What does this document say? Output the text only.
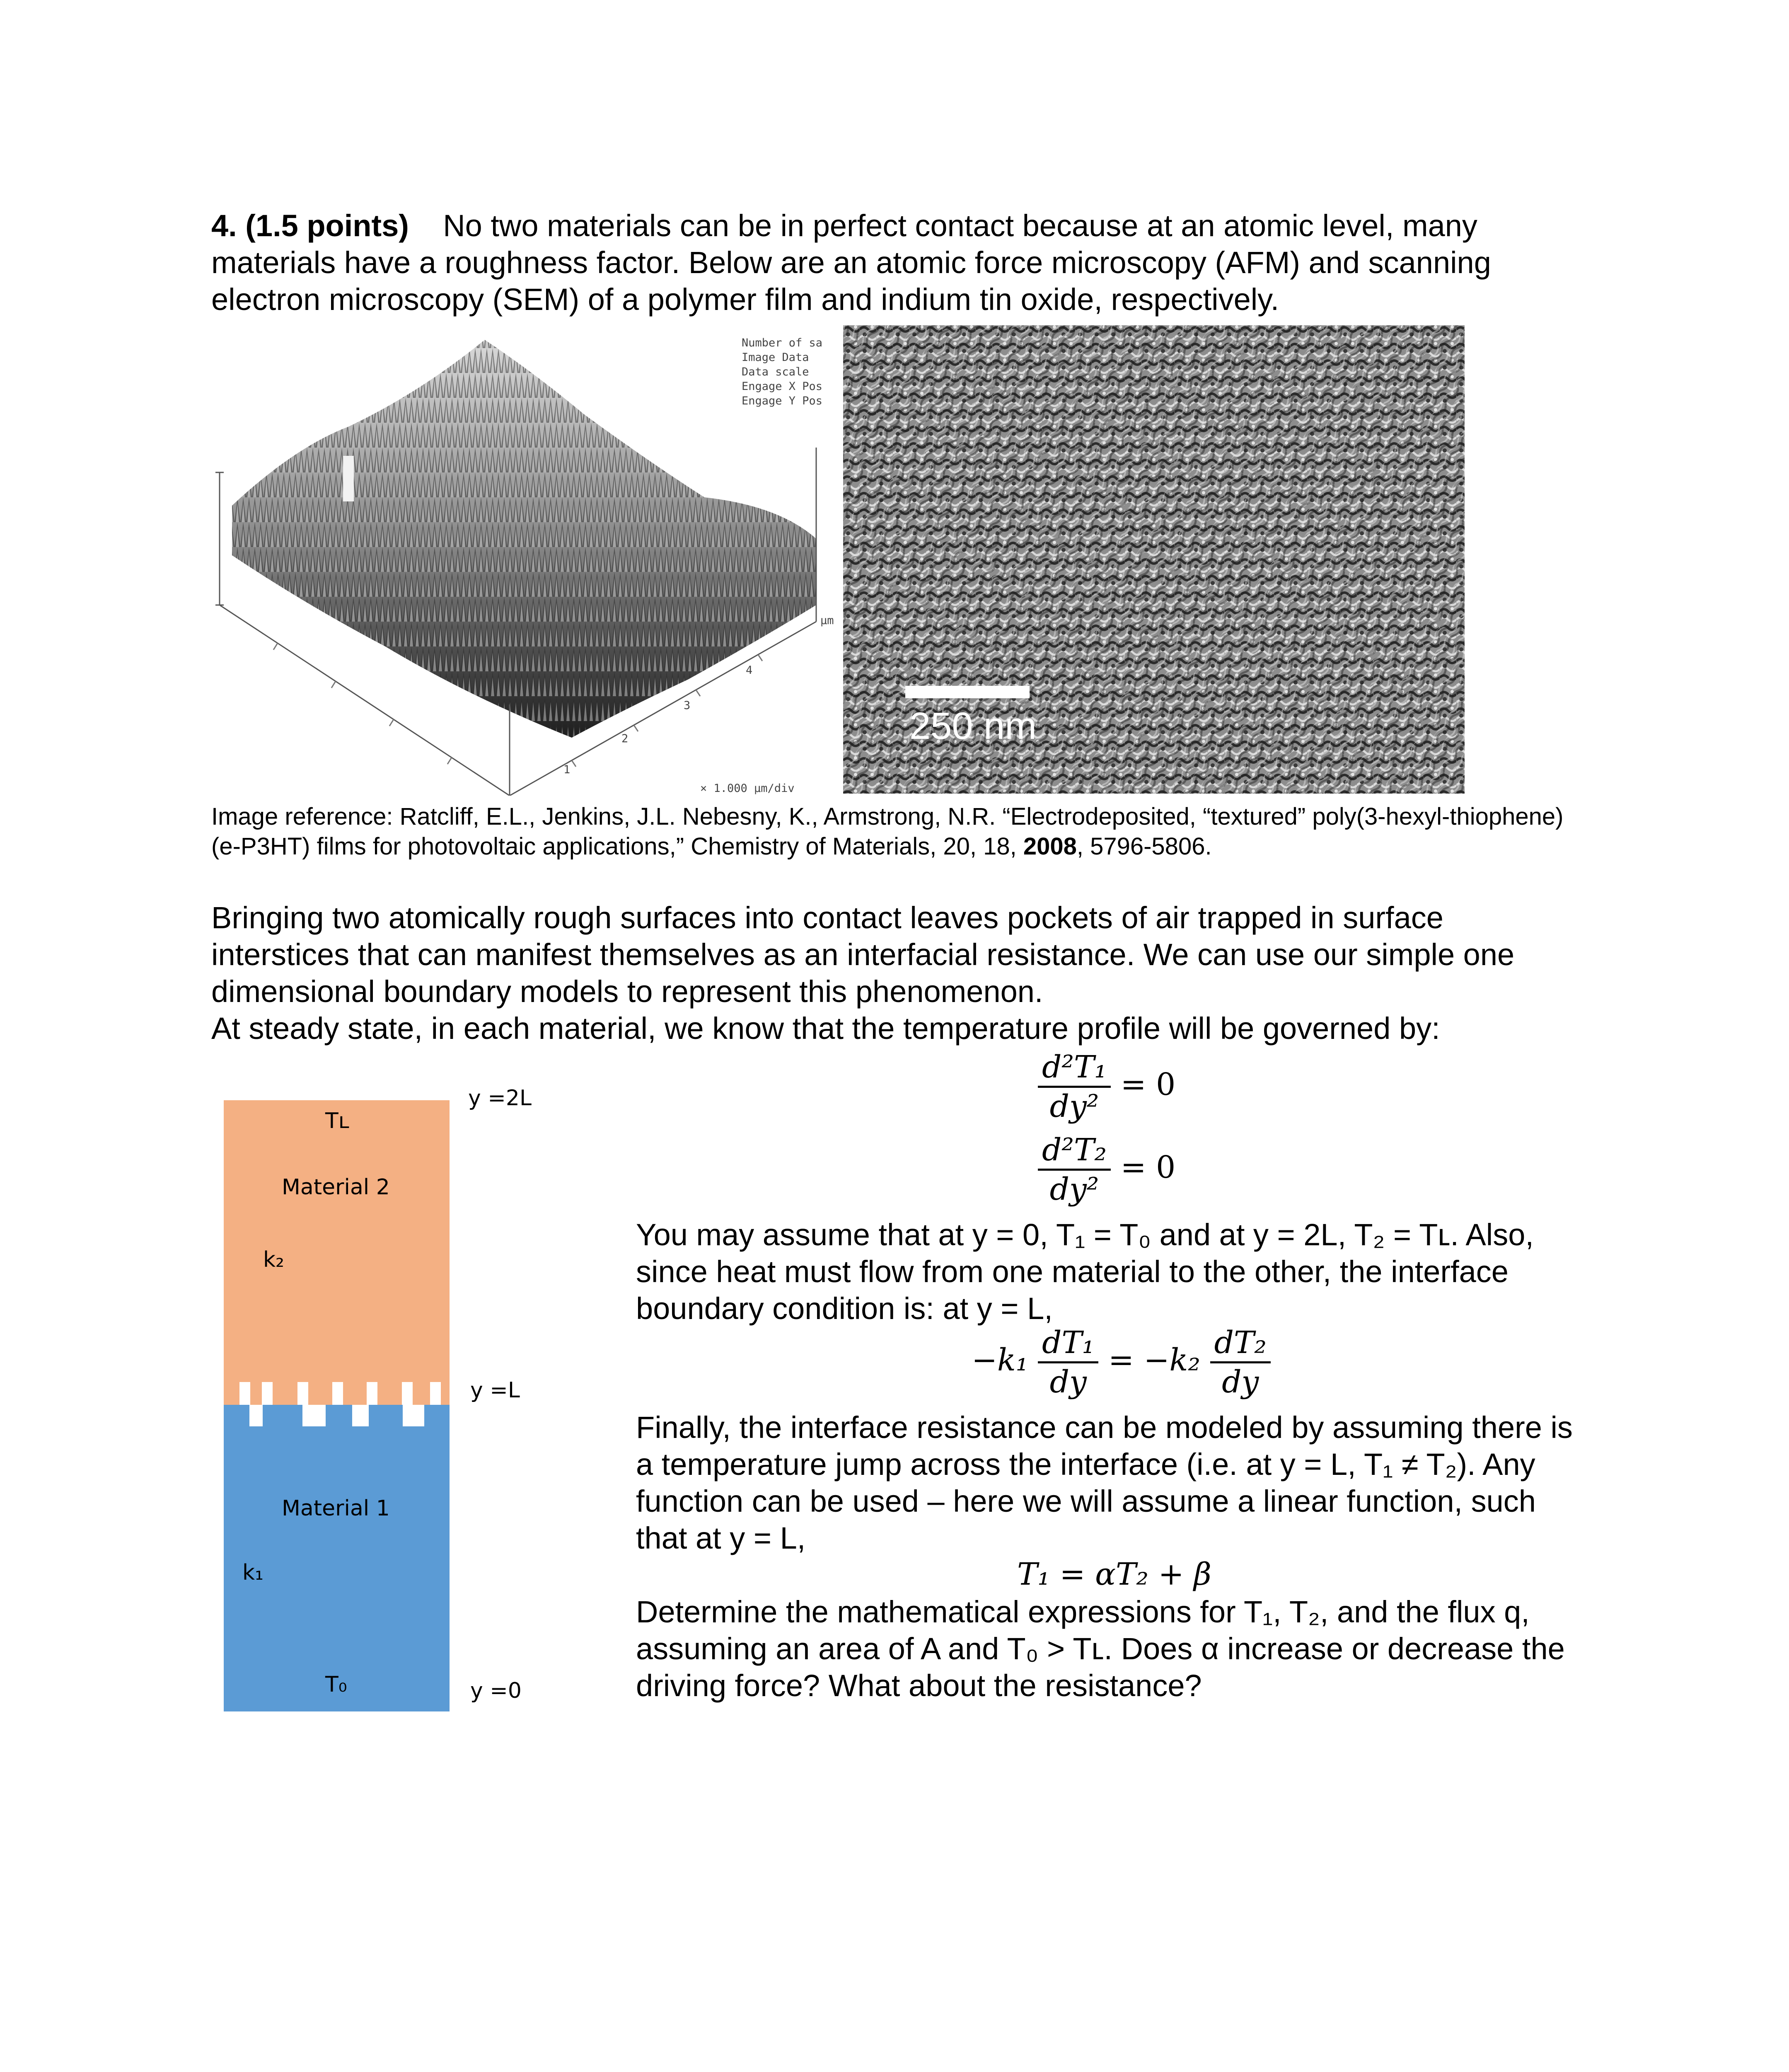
4. (1.5 points) No two materials can be in perfect contact because at an atomic level, many materials have a roughness factor. Below are an atomic force microscopy (AFM) and scanning electron microscopy (SEM) of a polymer film and indium tin oxide, respectively.

Number of sa
Image Data
Data scale
Engage X Pos
Engage Y Pos
1
2
3
4
µm
× 1.000 µm/div
250 nm
Image reference: Ratcliff, E.L., Jenkins, J.L. Nebesny, K., Armstrong, N.R. “Electrodeposited, “textured” poly(3-hexyl-thiophene) (e-P3HT) films for photovoltaic applications,” Chemistry of Materials, 20, 18, 2008, 5796-5806.

Bringing two atomically rough surfaces into contact leaves pockets of air trapped in surface interstices that can manifest themselves as an interfacial resistance. We can use our simple one dimensional boundary models to represent this phenomenon.

At steady state, in each material, we know that the temperature profile will be governed by:

$\frac{\text{d²T₁}}{\text{dy²}} = 0$
$\frac{\text{d²T₂}}{\text{dy²}} = 0$
Tʟ
Material 2
k₂
Material 1
k₁
T₀
y =2L
y =L
y =0
You may assume that at y = 0, T₁ = T₀ and at y = 2L, T₂ = Tʟ. Also, since heat must flow from one material to the other, the interface boundary condition is: at y = L,
$-k_1 \frac{\text{dT₁}}{dy} = -k_2 \frac{\text{dT₂}}{dy}$
Finally, the interface resistance can be modeled by assuming there is a temperature jump across the interface (i.e. at y = L, T₁ ≠ T₂). Any function can be used – here we will assume a linear function, such that at y = L,
T₁ = αT₂ + β
Determine the mathematical expressions for T₁, T₂, and the flux q, assuming an area of A and T₀ > Tʟ. Does α increase or decrease the driving force? What about the resistance?
